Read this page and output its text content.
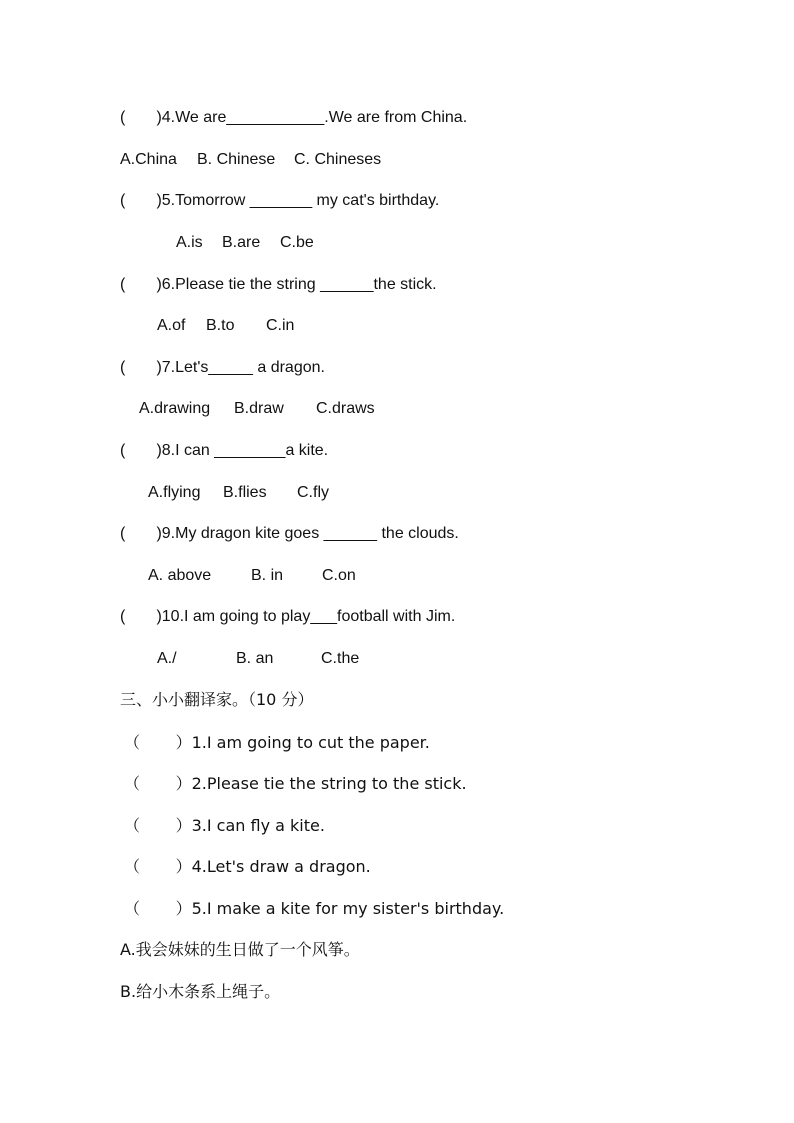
(       )4.We are___________.We are from China.
A.China B. Chinese C. Chineses
(       )5.Tomorrow _______ my cat's birthday.
A.is B.are C.be
(       )6.Please tie the string ______the stick.
A.of B.to C.in
(       )7.Let's_____ a dragon.
A.drawing B.draw C.draws
(       )8.I can ________a kite.
A.flying B.flies C.fly
(       )9.My dragon kite goes ______ the clouds.
A. above B. in C.on
(       )10.I am going to play___football with Jim.
A./	B. an	C.the
三、小小翻译家。（10 分）
（       ）1.I am going to cut the paper.
（       ）2.Please tie the string to the stick.
（       ）3.I can fly a kite.
（       ）4.Let's draw a dragon.
（       ）5.I make a kite for my sister's birthday.
A.我会妹妹的生日做了一个风筝。
B.给小木条系上绳子。
